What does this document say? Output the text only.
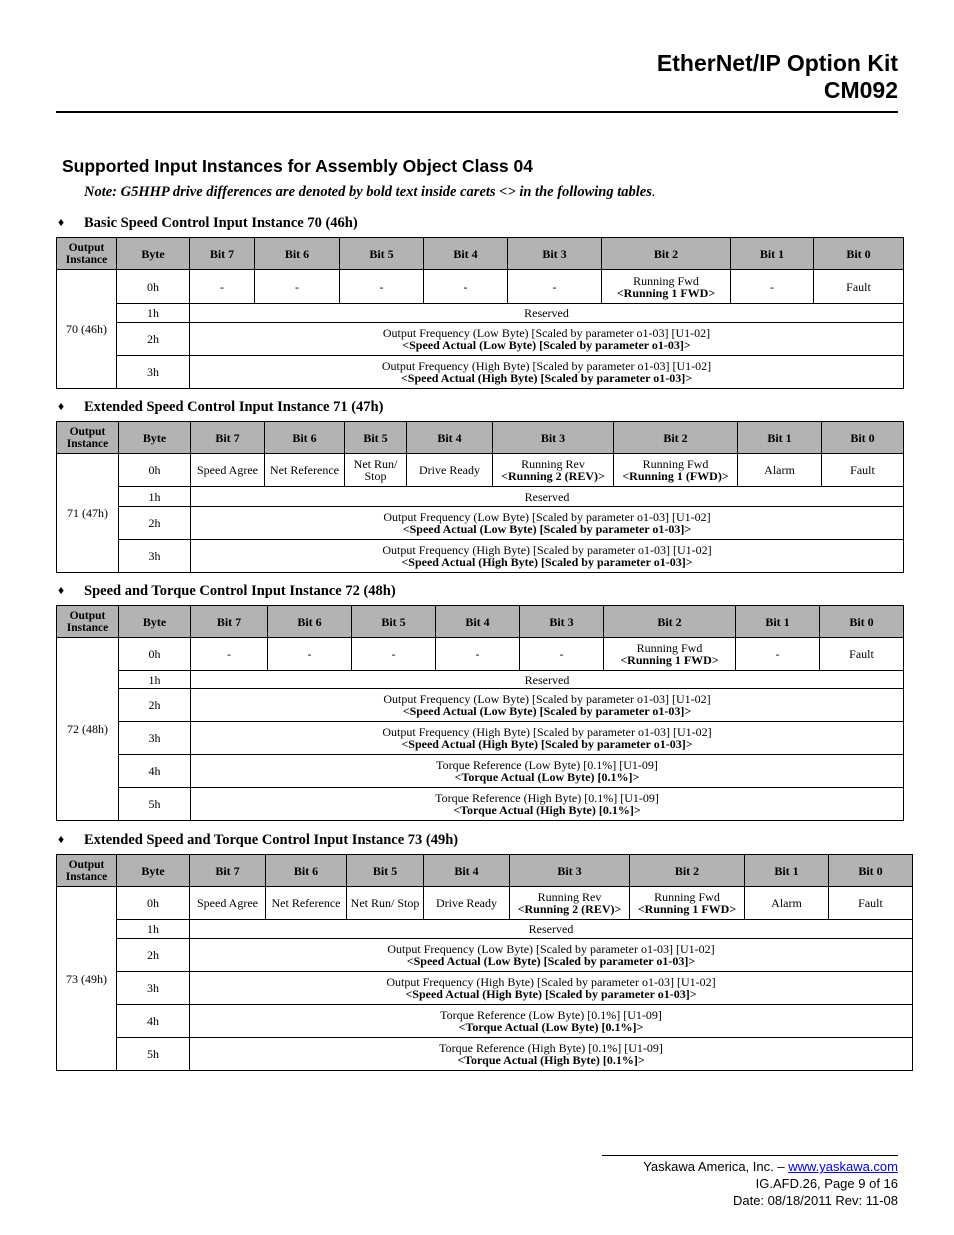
EtherNet/IP Option Kit
CM092
Supported Input Instances for Assembly Object Class 04
Note: G5HHP drive differences are denoted by bold text inside carets <> in the following tables.
♦ Basic Speed Control Input Instance 70 (46h)
Output Instance	Byte	Bit 7	Bit 6	Bit 5	Bit 4	Bit 3	Bit 2	Bit 1	Bit 0
70 (46h)	0h	-	-	-	-	-	Running Fwd
<Running 1 FWD>	-	Fault

	1h	Reserved							

	2h	Output Frequency (Low Byte) [Scaled by parameter o1-03] [U1-02]
<Speed Actual (Low Byte) [Scaled by parameter o1-03]>							
	3h	Output Frequency (High Byte) [Scaled by parameter o1-03] [U1-02]
<Speed Actual (High Byte) [Scaled by parameter o1-03]>							
♦ Extended Speed Control Input Instance 71 (47h)
Output Instance	Byte	Bit 7	Bit 6	Bit 5	Bit 4	Bit 3	Bit 2	Bit 1	Bit 0
71 (47h)	0h	Speed Agree	Net Reference	Net Run/ Stop	Drive Ready	Running Rev
<Running 2 (REV)>	Running Fwd
<Running 1 (FWD)>	Alarm	Fault

	1h	Reserved							

	2h	Output Frequency (Low Byte) [Scaled by parameter o1-03] [U1-02]
<Speed Actual (Low Byte) [Scaled by parameter o1-03]>							
	3h	Output Frequency (High Byte) [Scaled by parameter o1-03] [U1-02]
<Speed Actual (High Byte) [Scaled by parameter o1-03]>							
♦ Speed and Torque Control Input Instance 72 (48h)
Output Instance	Byte	Bit 7	Bit 6	Bit 5	Bit 4	Bit 3	Bit 2	Bit 1	Bit 0
72 (48h)	0h	-	-	-	-	-	Running Fwd
<Running 1 FWD>	-	Fault

	1h	Reserved							

	2h	Output Frequency (Low Byte) [Scaled by parameter o1-03] [U1-02]
<Speed Actual (Low Byte) [Scaled by parameter o1-03]>							
	3h	Output Frequency (High Byte) [Scaled by parameter o1-03] [U1-02]
<Speed Actual (High Byte) [Scaled by parameter o1-03]>							
	4h	Torque Reference (Low Byte) [0.1%] [U1-09]
<Torque Actual (Low Byte) [0.1%]>							
	5h	Torque Reference (High Byte) [0.1%] [U1-09]
<Torque Actual (High Byte) [0.1%]>							
♦ Extended Speed and Torque Control Input Instance 73 (49h)
Output Instance	Byte	Bit 7	Bit 6	Bit 5	Bit 4	Bit 3	Bit 2	Bit 1	Bit 0
73 (49h)	0h	Speed Agree	Net Reference	Net Run/ Stop	Drive Ready	Running Rev
<Running 2 (REV)>	Running Fwd
<Running 1 FWD>	Alarm	Fault

	1h	Reserved							

	2h	Output Frequency (Low Byte) [Scaled by parameter o1-03] [U1-02]
<Speed Actual (Low Byte) [Scaled by parameter o1-03]>							
	3h	Output Frequency (High Byte) [Scaled by parameter o1-03] [U1-02]
<Speed Actual (High Byte) [Scaled by parameter o1-03]>							
	4h	Torque Reference (Low Byte) [0.1%] [U1-09]
<Torque Actual (Low Byte) [0.1%]>							
	5h	Torque Reference (High Byte) [0.1%] [U1-09]
<Torque Actual (High Byte) [0.1%]>							
Yaskawa America, Inc. – www.yaskawa.com
IG.AFD.26, Page 9 of 16
Date: 08/18/2011 Rev: 11-08
